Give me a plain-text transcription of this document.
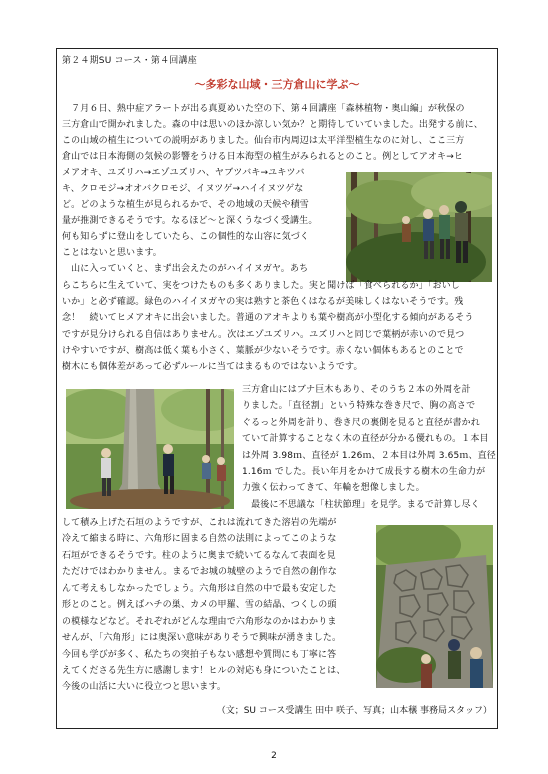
第２４期SU コース・第４回講座
〜多彩な山域・三方倉山に学ぶ〜
　７月６日、熱中症アラートが出る真夏めいた空の下、第４回講座「森林植物・奥山編」が秋保の
三方倉山で開かれました。森の中は思いのほか涼しい気か？と期待していていました。出発する前に、
この山域の植生についての説明がありました。仙台市内周辺は太平洋型植生なのに対し、ここ三方
倉山では日本海側の気候の影響をうける日本海型の植生がみられるとのこと。例としてアオキ→ヒ
メアオキ、ユズリハ→エゾユズリハ、ヤブツバキ→ユキツバ
キ、クロモジ→オオバクロモジ、イヌツゲ→ハイイヌツゲな
ど。どのような植生が見られるかで、その地域の天候や積雪
量が推測できるそうです。なるほど〜と深くうなづく受講生。
何も知らずに登山をしていたら、この個性的な山容に気づく
ことはないと思います。
　山に入っていくと、まず出会えたのがハイイヌガヤ。あち
らこちらに生えていて、実をつけたものも多くありました。実と聞けば「食べられるか」「おいし
いか」と必ず確認。緑色のハイイヌガヤの実は熟すと茶色くはなるが美味しくはないそうです。残
念！　続いてヒメアオキに出会いました。普通のアオキよりも葉や樹高が小型化する傾向があるそう
ですが見分けられる自信はありません。次はエゾユズリハ。ユズリハと同じで葉柄が赤いので見つ
けやすいですが、樹高は低く葉も小さく、葉脈が少ないそうです。赤くない個体もあるとのことで
樹木にも個体差があって必ずルールに当てはまるものではないようです。
三方倉山にはブナ巨木もあり、そのうち２本の外周を計
りました。「直径割」という特殊な巻き尺で、胸の高さで
ぐるっと外周を計り、巻き尺の裏側を見ると直径が書かれ
ていて計算することなく木の直径が分かる優れもの。１本目
は外周 3.98ｍ、直径が 1.26ｍ、２本目は外周 3.65ｍ、直径
1.16ｍ でした。長い年月をかけて成長する樹木の生命力が
力強く伝わってきて、年輪を想像しました。
　最後に不思議な「柱状節理」を見学。まるで計算し尽く
して積み上げた石垣のようですが、これは流れてきた溶岩の先端が
冷えて縮まる時に、六角形に固まる自然の法則によってこのような
石垣ができるそうです。柱のように奥まで続いてるなんて表面を見
ただけではわかりません。まるでお城の城壁のようで自然の創作な
んて考えもしなかったでしょう。六角形は自然の中で最も安定した
形とのこと。例えばハチの巣、カメの甲羅、雪の結晶、つくしの頭
の模様などなど。それぞれがどんな理由で六角形なのかはわかりま
せんが、「六角形」には奥深い意味がありそうで興味が湧きました。
今回も学びが多く、私たちの突拍子もない感想や質問にも丁寧に答
えてくださる先生方に感謝します！ヒルの対応も身についたことは、
今後の山活に大いに役立つと思います。
（文；SU コース受講生 田中 咲子、写真；山本穣 事務局スタッフ）
2
